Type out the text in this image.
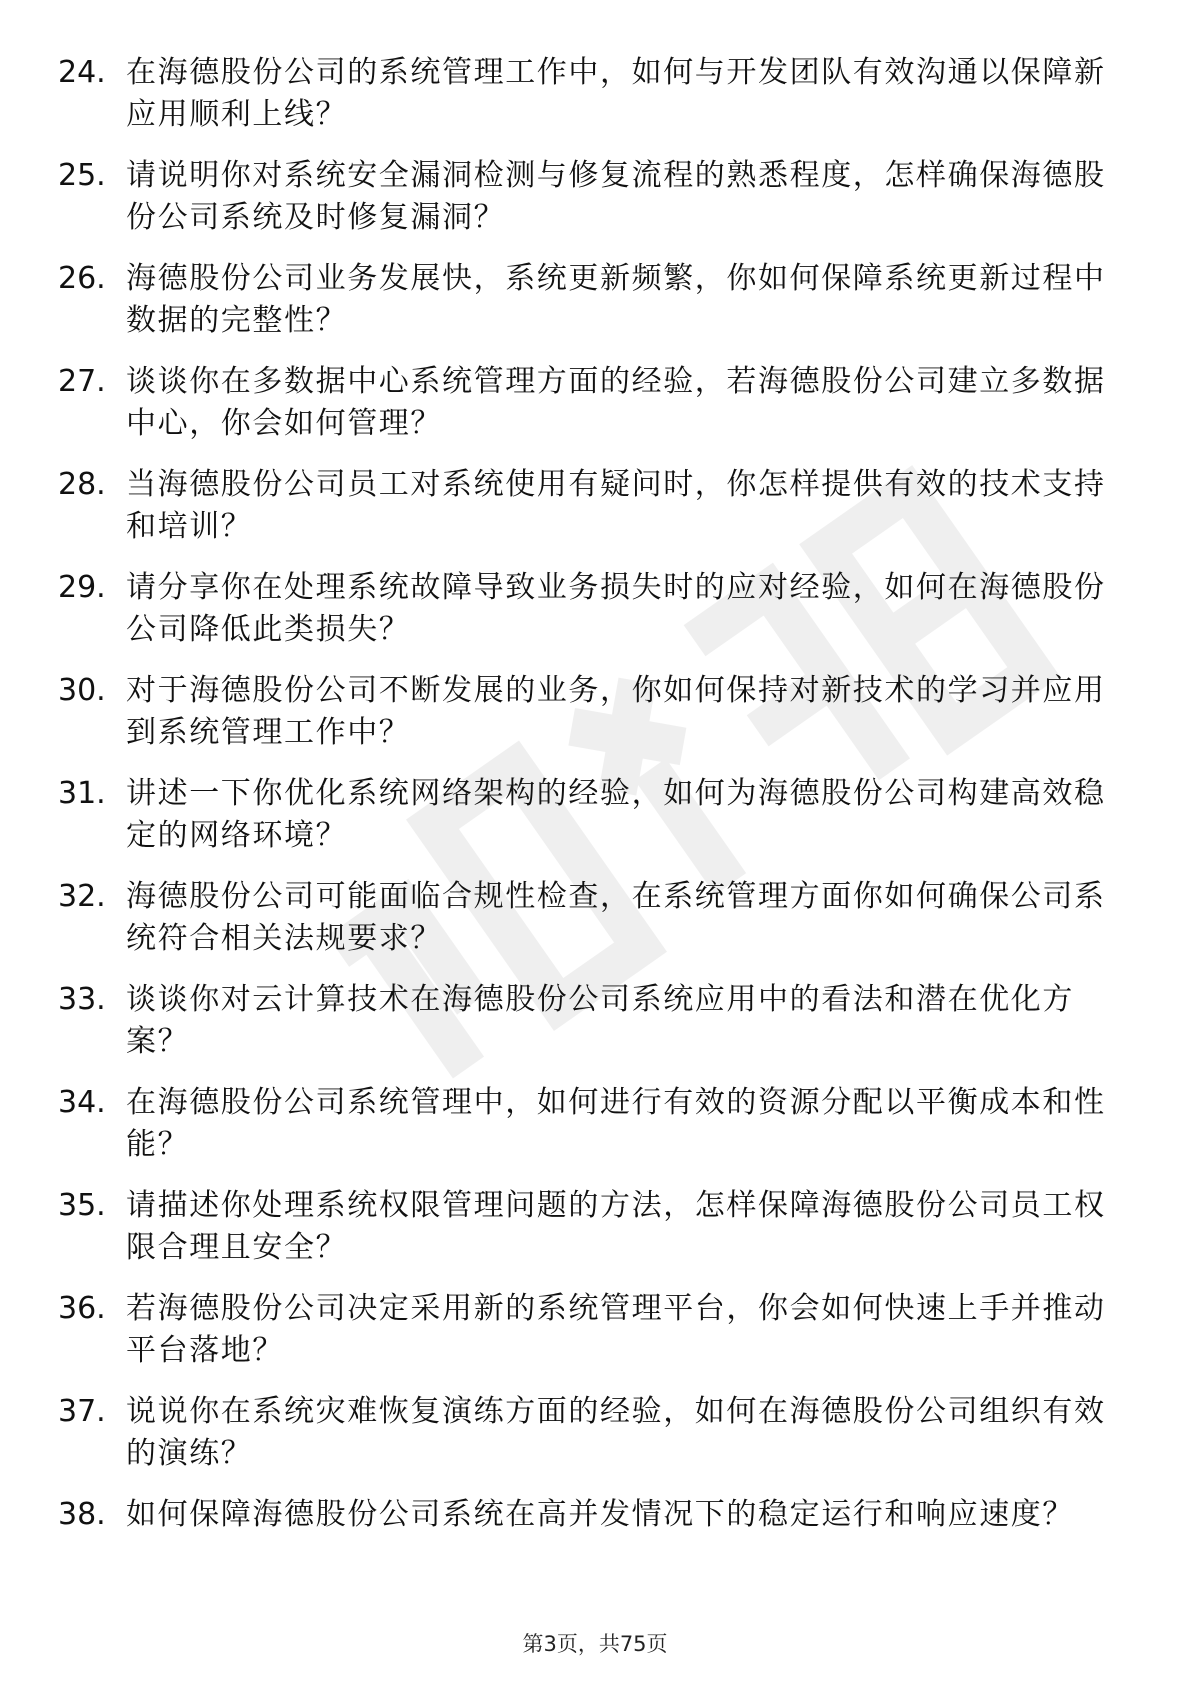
24. 在海德股份公司的系统管理工作中，如何与开发团队有效沟通以保障新应用顺利上线？
25. 请说明你对系统安全漏洞检测与修复流程的熟悉程度，怎样确保海德股份公司系统及时修复漏洞？
26. 海德股份公司业务发展快，系统更新频繁，你如何保障系统更新过程中数据的完整性？
27. 谈谈你在多数据中心系统管理方面的经验，若海德股份公司建立多数据中心，你会如何管理？
28. 当海德股份公司员工对系统使用有疑问时，你怎样提供有效的技术支持和培训？
29. 请分享你在处理系统故障导致业务损失时的应对经验，如何在海德股份公司降低此类损失？
30. 对于海德股份公司不断发展的业务，你如何保持对新技术的学习并应用到系统管理工作中？
31. 讲述一下你优化系统网络架构的经验，如何为海德股份公司构建高效稳定的网络环境？
32. 海德股份公司可能面临合规性检查，在系统管理方面你如何确保公司系统符合相关法规要求？
33. 谈谈你对云计算技术在海德股份公司系统应用中的看法和潜在优化方案？
34. 在海德股份公司系统管理中，如何进行有效的资源分配以平衡成本和性能？
35. 请描述你处理系统权限管理问题的方法，怎样保障海德股份公司员工权限合理且安全？
36. 若海德股份公司决定采用新的系统管理平台，你会如何快速上手并推动平台落地？
37. 说说你在系统灾难恢复演练方面的经验，如何在海德股份公司组织有效的演练？
38. 如何保障海德股份公司系统在高并发情况下的稳定运行和响应速度？
第3页，共75页
